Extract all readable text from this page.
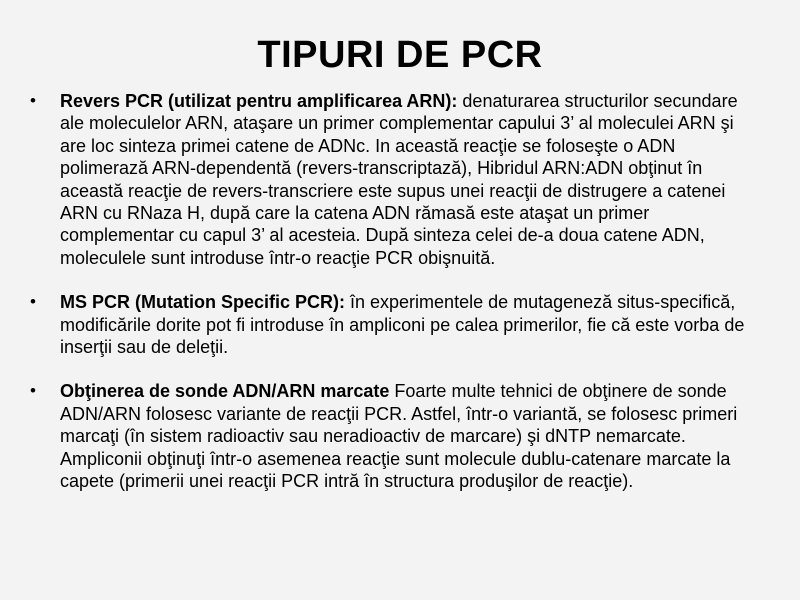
TIPURI DE PCR
•	Revers PCR (utilizat pentru amplificarea ARN): denaturarea structurilor secundare ale moleculelor ARN, ataşare un primer complementar capului 3’ al moleculei ARN şi are loc sinteza primei catene de ADNc. In această reacţie se foloseşte o ADN polimerază ARN-dependentă (revers-transcriptază), Hibridul ARN:ADN obţinut în această reacţie de revers-transcriere este supus unei reacţii de distrugere a catenei ARN cu RNaza H, după care la catena ADN rămasă este ataşat un primer complementar cu capul 3’ al acesteia. După sinteza celei de-a doua catene ADN, moleculele sunt introduse într-o reacţie PCR obişnuită.
•	MS PCR (Mutation Specific PCR): în experimentele de mutageneză situs-specifică, modificările dorite pot fi introduse în ampliconi pe calea primerilor, fie că este vorba de inserţii sau de deleţii.
•	Obţinerea de sonde ADN/ARN marcate Foarte multe tehnici de obţinere de sonde ADN/ARN folosesc variante de reacţii PCR. Astfel, într-o variantă, se folosesc primeri marcaţi (în sistem radioactiv sau neradioactiv de marcare) şi dNTP nemarcate. Ampliconii obţinuţi într-o asemenea reacţie sunt molecule dublu-catenare marcate la capete (primerii unei reacţii PCR intră în structura produşilor de reacţie).
